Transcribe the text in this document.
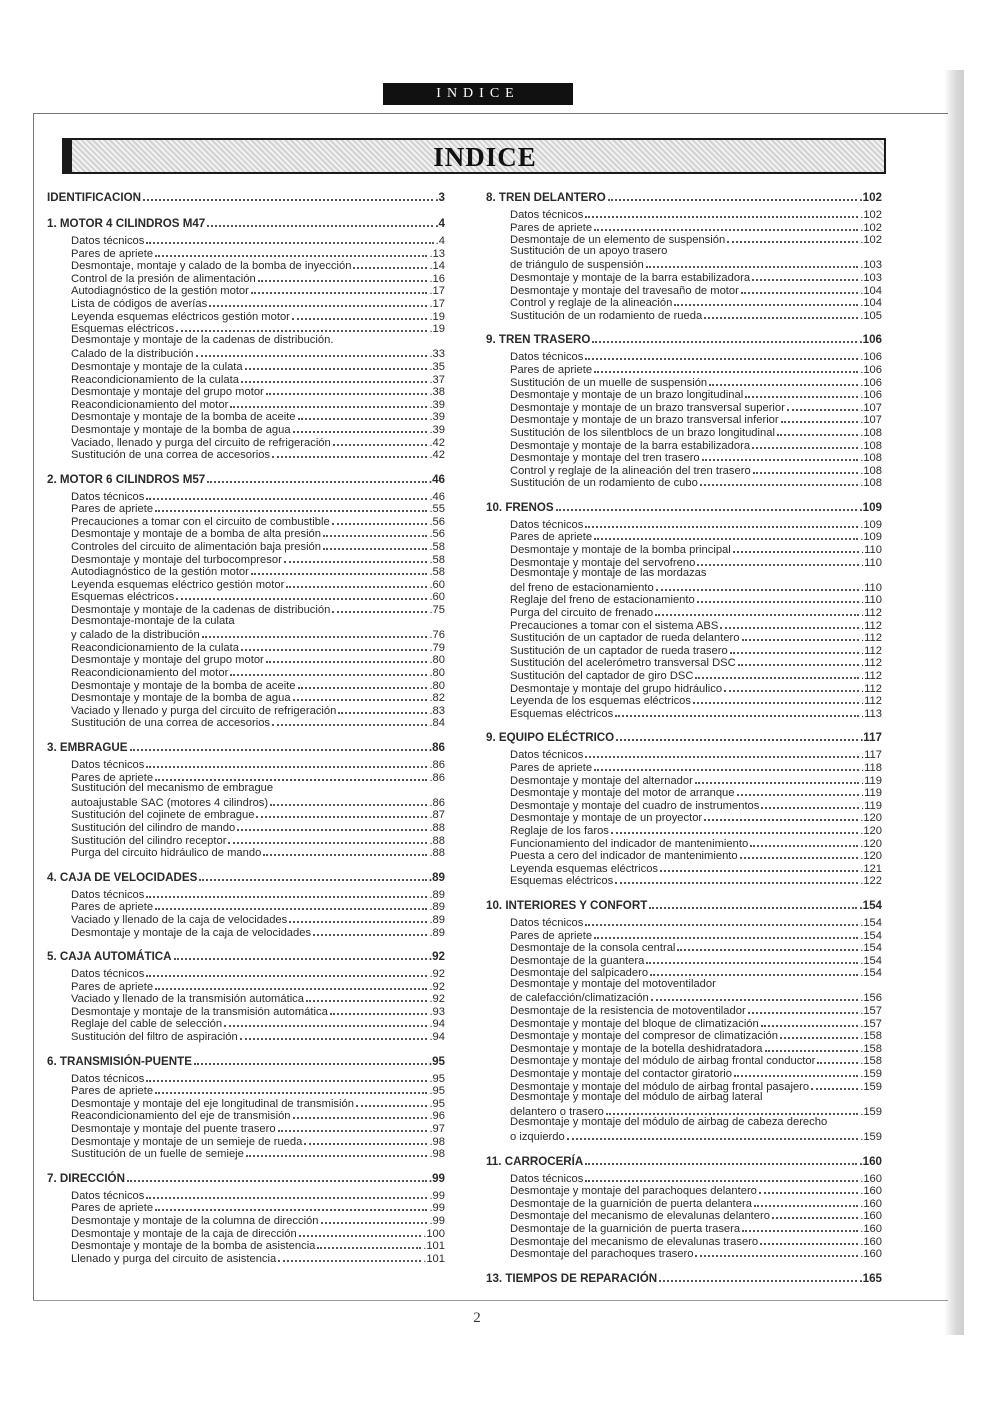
INDICE
INDICE
IDENTIFICACION	.3
1. MOTOR 4 CILINDROS M47	.4
Datos técnicos	.4
Pares de apriete	.13
Desmontaje, montaje y calado de la bomba de inyección	.14
Control de la presión de alimentación	.16
Autodiagnóstico de la gestión motor	.17
Lista de códigos de averías	.17
Leyenda esquemas eléctricos gestión motor	.19
Esquemas eléctricos	.19
Desmontaje y montaje de la cadenas de distribución.
Calado de la distribución	.33
Desmontaje y montaje de la culata	.35
Reacondicionamiento de la culata	.37
Desmontaje y montaje del grupo motor	.38
Reacondicionamiento del motor	.39
Desmontaje y montaje de la bomba de aceite	.39
Desmontaje y montaje de la bomba de agua	.39
Vaciado, llenado y purga del circuito de refrigeración	.42
Sustitución de una correa de accesorios	.42
2. MOTOR 6 CILINDROS M57	.46
Datos técnicos	.46
Pares de apriete	.55
Precauciones a tomar con el circuito de combustible	.56
Desmontaje y montaje de a bomba de alta presión	.56
Controles del circuito de alimentación baja presión	.58
Desmontaje y montaje del turbocompresor	.58
Autodiagnóstico de la gestión motor	.58
Leyenda esquemas eléctrico gestión motor	.60
Esquemas eléctricos	.60
Desmontaje y montaje de la cadenas de distribución	.75
Desmontaje-montaje de la culata
y calado de la distribución	.76
Reacondicionamiento de la culata	.79
Desmontaje y montaje del grupo motor	.80
Reacondicionamiento del motor	.80
Desmontaje y montaje de la bomba de aceite	.80
Desmontaje y montaje de la bomba de agua	.82
Vaciado y llenado y purga del circuito de refrigeración	.83
Sustitución de una correa de accesorios	.84
3. EMBRAGUE	.86
Datos técnicos	.86
Pares de apriete	.86
Sustitución del mecanismo de embrague
autoajustable SAC (motores 4 cilindros)	.86
Sustitución del cojinete de embrague	.87
Sustitución del cilindro de mando	.88
Sustitución del cilindro receptor	.88
Purga del circuito hidráulico de mando	.88
4. CAJA DE VELOCIDADES	.89
Datos técnicos	.89
Pares de apriete	.89
Vaciado y llenado de la caja de velocidades	.89
Desmontaje y montaje de la caja de velocidades	.89
5. CAJA AUTOMÁTICA	.92
Datos técnicos	.92
Pares de apriete	.92
Vaciado y llenado de la transmisión automática	.92
Desmontaje y montaje de la transmisión automática	.93
Reglaje del cable de selección	.94
Sustitución del filtro de aspiración	.94
6. TRANSMISIÓN-PUENTE	.95
Datos técnicos	.95
Pares de apriete	.95
Desmontaje y montaje del eje longitudinal de transmisión	.95
Reacondicionamiento del eje de transmisión	.96
Desmontaje y montaje del puente trasero	.97
Desmontaje y montaje de un semieje de rueda	.98
Sustitución de un fuelle de semieje	.98
7. DIRECCIÓN	.99
Datos técnicos	.99
Pares de apriete	.99
Desmontaje y montaje de la columna de dirección	.99
Desmontaje y montaje de la caja de dirección	.100
Desmontaje y montaje de la bomba de asistencia	.101
Llenado y purga del circuito de asistencia	.101
8. TREN DELANTERO	.102
Datos técnicos	.102
Pares de apriete	.102
Desmontaje de un elemento de suspensión	.102
Sustitución de un apoyo trasero
de triángulo de suspensión	.103
Desmontaje y montaje de la barra estabilizadora	.103
Desmontaje y montaje del travesaño de motor	.104
Control y reglaje de la alineación	.104
Sustitución de un rodamiento de rueda	.105
9. TREN TRASERO	.106
Datos técnicos	.106
Pares de apriete	.106
Sustitución de un muelle de suspensión	.106
Desmontaje y montaje de un brazo longitudinal	.106
Desmontaje y montaje de un brazo transversal superior	.107
Desmontaje y montaje de un brazo transversal inferior	.107
Sustitución de los silentblocs de un brazo longitudinal	.108
Desmontaje y montaje de la barra estabilizadora	.108
Desmontaje y montaje del tren trasero	.108
Control y reglaje de la alineación del tren trasero	.108
Sustitución de un rodamiento de cubo	.108
10. FRENOS	.109
Datos técnicos	.109
Pares de apriete	.109
Desmontaje y montaje de la bomba principal	.110
Desmontaje y montaje del servofreno	.110
Desmontaje y montaje de las mordazas
del freno de estacionamiento	.110
Reglaje del freno de estacionamiento	.110
Purga del circuito de frenado	.112
Precauciones a tomar con el sistema ABS	.112
Sustitución de un captador de rueda delantero	.112
Sustitución de un captador de rueda trasero	.112
Sustitución del acelerómetro transversal DSC	.112
Sustitución del captador de giro DSC	.112
Desmontaje y montaje del grupo hidráulico	.112
Leyenda de los esquemas eléctricos	.112
Esquemas eléctricos	.113
9. EQUIPO ELÉCTRICO	.117
Datos técnicos	.117
Pares de apriete	.118
Desmontaje y montaje del alternador	.119
Desmontaje y montaje del motor de arranque	.119
Desmontaje y montaje del cuadro de instrumentos	.119
Desmontaje y montaje de un proyector	.120
Reglaje de los faros	.120
Funcionamiento del indicador de mantenimiento	.120
Puesta a cero del indicador de mantenimiento	.120
Leyenda esquemas eléctricos	.121
Esquemas eléctricos	.122
10. INTERIORES Y CONFORT	.154
Datos técnicos	.154
Pares de apriete	.154
Desmontaje de la consola central	.154
Desmontaje de la guantera	.154
Desmontaje del salpicadero	.154
Desmontaje y montaje del motoventilador
de calefacción/climatización	.156
Desmontaje de la resistencia de motoventilador	.157
Desmontaje y montaje del bloque de climatización	.157
Desmontaje y montaje del compresor de climatización	.158
Desmontaje y montaje de la botella deshidratadora	.158
Desmontaje y montaje del módulo de airbag frontal conductor	.158
Desmontaje y montaje del contactor giratorio	.159
Desmontaje y montaje del módulo de airbag frontal pasajero	.159
Desmontaje y montaje del módulo de airbag lateral
delantero o trasero	.159
Desmontaje y montaje del módulo de airbag de cabeza derecho
o izquierdo	.159
11. CARROCERÍA	.160
Datos técnicos	.160
Desmontaje y montaje del parachoques delantero	.160
Desmontaje de la guarnición de puerta delantera	.160
Desmontaje del mecanismo de elevalunas delantero	.160
Desmontaje de la guarnición de puerta trasera	.160
Desmontaje del mecanismo de elevalunas trasero	.160
Desmontaje del parachoques trasero	.160
13. TIEMPOS DE REPARACIÓN	.165
2
